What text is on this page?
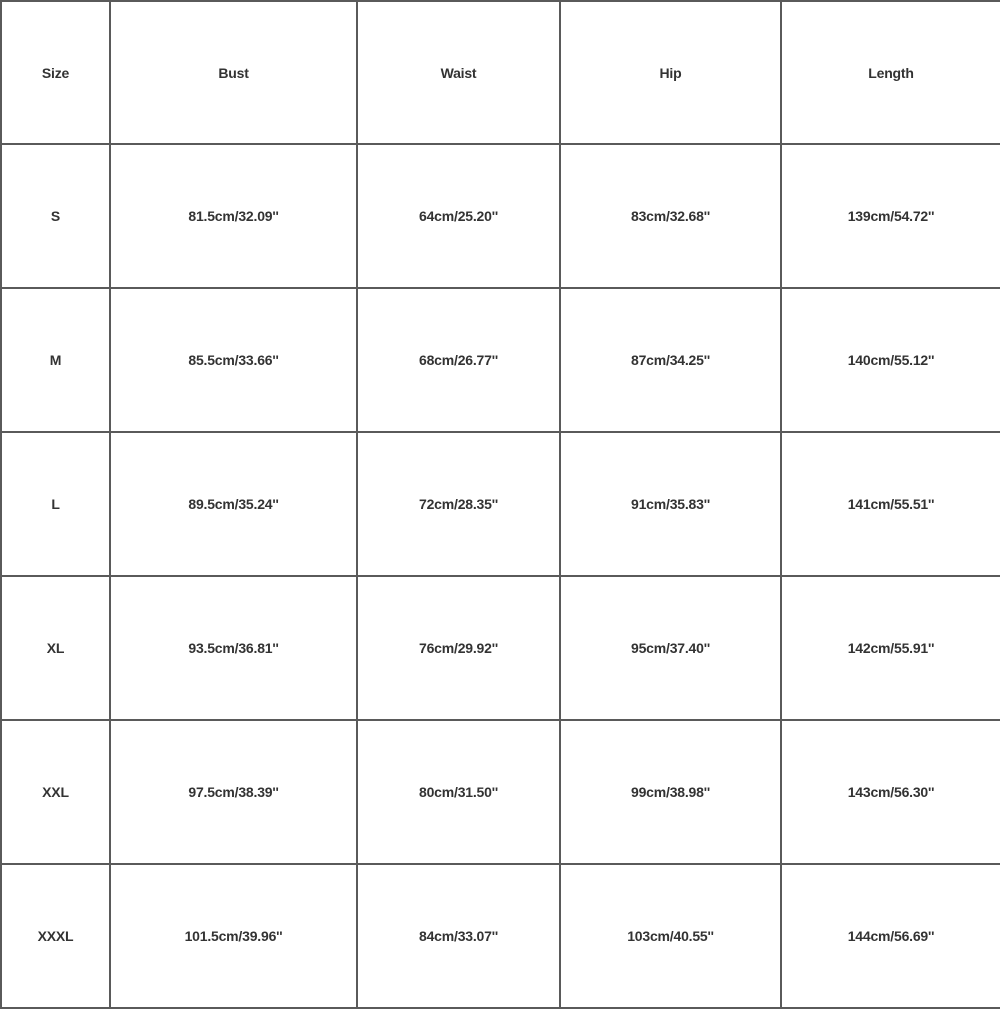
Size	Bust	Waist	Hip	Length
S	81.5cm/32.09''	64cm/25.20''	83cm/32.68''	139cm/54.72''
M	85.5cm/33.66''	68cm/26.77''	87cm/34.25''	140cm/55.12''
L	89.5cm/35.24''	72cm/28.35''	91cm/35.83''	141cm/55.51''
XL	93.5cm/36.81''	76cm/29.92''	95cm/37.40''	142cm/55.91''
XXL	97.5cm/38.39''	80cm/31.50''	99cm/38.98''	143cm/56.30''
XXXL	101.5cm/39.96''	84cm/33.07''	103cm/40.55''	144cm/56.69''
